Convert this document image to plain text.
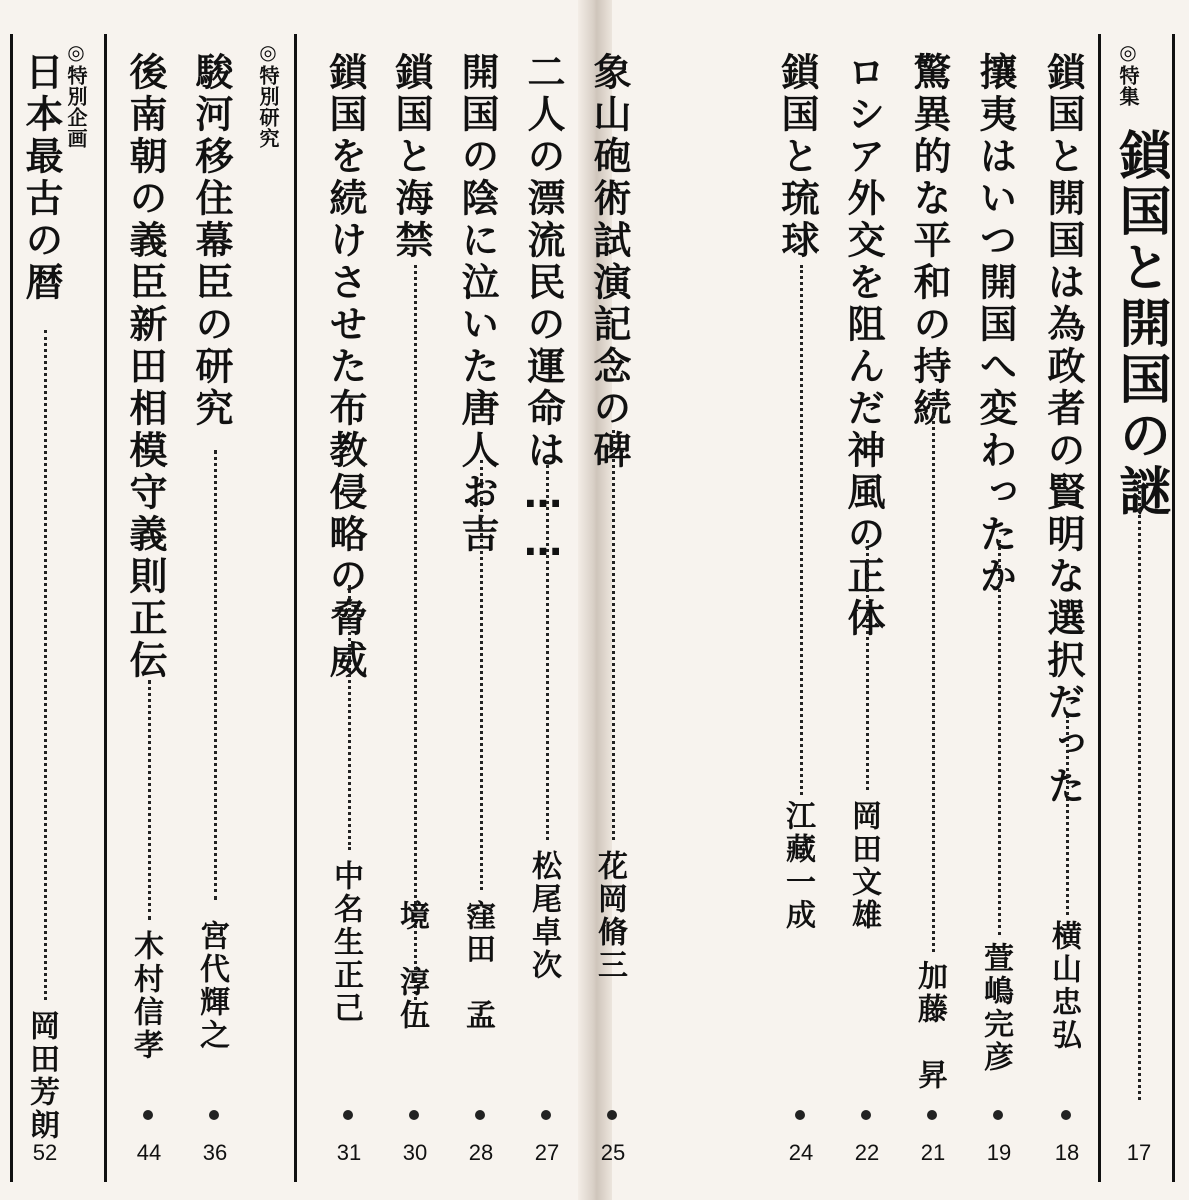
◎特集
鎖国と開国の謎
17
鎖国と開国は為政者の賢明な選択だった
横山忠弘
18
攘夷はいつ開国へ変わったか
萱嶋完彦
19
驚異的な平和の持続
加藤　昇
21
ロシア外交を阻んだ神風の正体
岡田文雄
22
鎖国と琉球
江藏一成
24
象山砲術試演記念の碑
花岡脩三
25
二人の漂流民の運命は……
松尾卓次
27
開国の陰に泣いた唐人お吉
窪田　孟
28
鎖国と海禁
境　淳伍
30
鎖国を続けさせた布教侵略の脅威
中名生正己
31
◎特別研究
駿河移住幕臣の研究
宮代輝之
36
後南朝の義臣新田相模守義則正伝
木村信孝
44
◎特別企画
日本最古の暦
岡田芳朗
52
